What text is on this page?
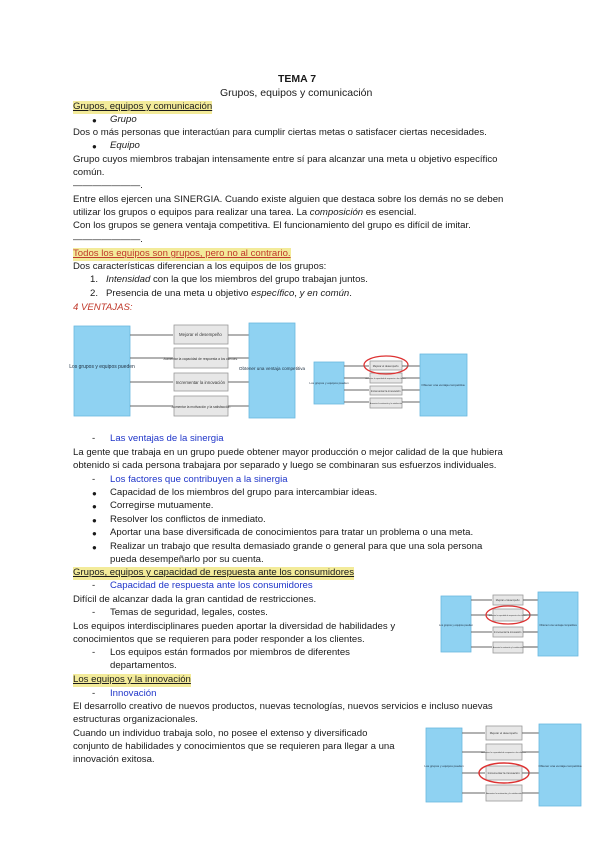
TEMA 7
Grupos, equipos y comunicación
Grupos, equipos y comunicación
● Grupo
Dos o más personas que interactúan para cumplir ciertas metas o satisfacer ciertas necesidades.
● Equipo
Grupo cuyos miembros trabajan intensamente entre sí para alcanzar una meta u objetivo específico
común.
———————.
Entre ellos ejercen una SINERGIA. Cuando existe alguien que destaca sobre los demás no se deben
utilizar los grupos o equipos para realizar una tarea. La composición es esencial.
Con los grupos se genera ventaja competitiva. El funcionamiento del grupo es difícil de imitar.
———————.
Todos los equipos son grupos, pero no al contrario.
Dos características diferencian a los equipos de los grupos:
1. Intensidad con la que los miembros del grupo trabajan juntos.
2. Presencia de una meta u objetivo específico, y en común.
4 VENTAJAS:
Los grupos y equipos pueden
Mejorar el desempeño Aumentar la capacidad de respuesta a los clientes Incrementar la innovación Aumentar la motivación y la satisfacción
Obtener una ventaja competitiva
Los grupos y equipos pueden
Mejorar el desempeño Aumentar la capacidad de respuesta a los clientes Incrementar la innovación Aumentar la motivación y la satisfacción
Obtener una ventaja competitiva
- Las ventajas de la sinergia
La gente que trabaja en un grupo puede obtener mayor producción o mejor calidad de la que hubiera
obtenido si cada persona trabajara por separado y luego se combinaran sus esfuerzos individuales.
- Los factores que contribuyen a la sinergia
● Capacidad de los miembros del grupo para intercambiar ideas.
● Corregirse mutuamente.
● Resolver los conflictos de inmediato.
● Aportar una base diversificada de conocimientos para tratar un problema o una meta.
● Realizar un trabajo que resulta demasiado grande o general para que una sola persona
pueda desempeñarlo por su cuenta.
Grupos, equipos y capacidad de respuesta ante los consumidores
- Capacidad de respuesta ante los consumidores
Difícil de alcanzar dada la gran cantidad de restricciones.
- Temas de seguridad, legales, costes.
Los equipos interdisciplinares pueden aportar la diversidad de habilidades y
conocimientos que se requieren para poder responder a los clientes.
- Los equipos están formados por miembros de diferentes
departamentos.
Los grupos y equipos pueden
Mejorar el desempeño Aumentar la capacidad de respuesta a los clientes Incrementar la innovación Aumentar la motivación y la satisfacción
Obtener una ventaja competitiva
Los equipos y la innovación
- Innovación
El desarrollo creativo de nuevos productos, nuevas tecnologías, nuevos servicios e incluso nuevas
estructuras organizacionales.
Cuando un individuo trabaja solo, no posee el extenso y diversificado
conjunto de habilidades y conocimientos que se requieren para llegar a una
innovación exitosa.
Los grupos y equipos pueden
Mejorar el desempeño Aumentar la capacidad de respuesta a los clientes Incrementar la innovación Aumentar la motivación y la satisfacción
Obtener una ventaja competitiva
